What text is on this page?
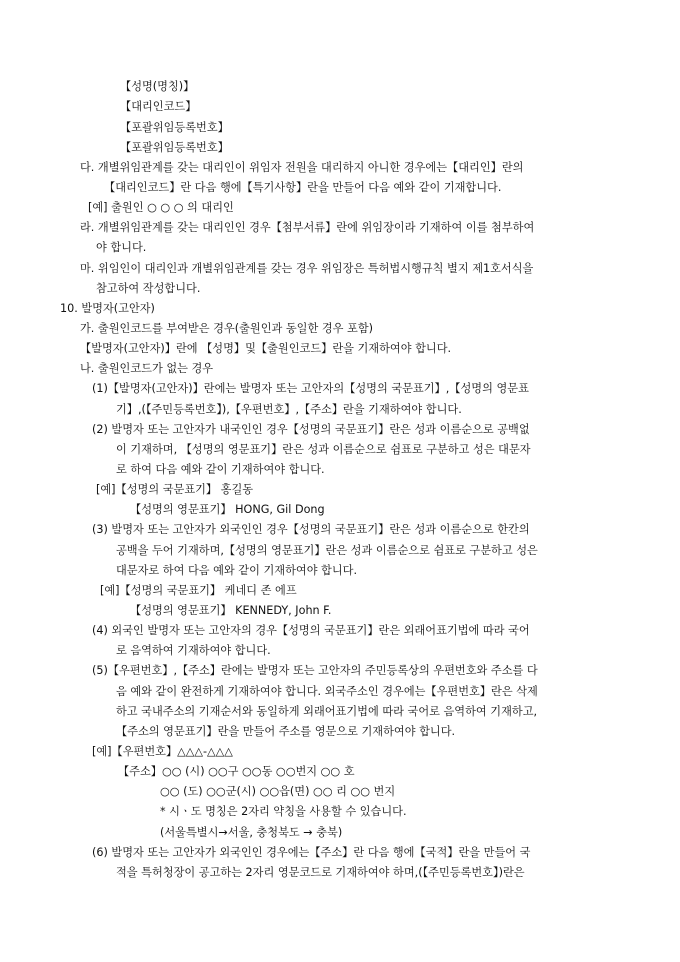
【성명(명칭)】
【대리인코드】
【포괄위임등록번호】
【포괄위임등록번호】
다. 개별위임관계를 갖는 대리인이 위임자 전원을 대리하지 아니한 경우에는【대리인】란의
【대리인코드】란 다음 행에【특기사항】란을 만들어 다음 예와 같이 기재합니다.
[예] 출원인 ○ ○ ○ 의 대리인
라. 개별위임관계를 갖는 대리인인 경우【첨부서류】란에 위임장이라 기재하여 이를 첨부하여
야 합니다.
마. 위임인이 대리인과 개별위임관계를 갖는 경우 위임장은 특허법시행규칙 별지 제1호서식을
참고하여 작성합니다.
10. 발명자(고안자)
가. 출원인코드를 부여받은 경우(출원인과 동일한 경우 포함)
【발명자(고안자)】란에 【성명】및【출원인코드】란을 기재하여야 합니다.
나. 출원인코드가 없는 경우
(1)【발명자(고안자)】란에는 발명자 또는 고안자의【성명의 국문표기】,【성명의 영문표
기】,(【주민등록번호】),【우편번호】,【주소】란을 기재하여야 합니다.
(2) 발명자 또는 고안자가 내국인인 경우【성명의 국문표기】란은 성과 이름순으로 공백없
이 기재하며, 【성명의 영문표기】란은 성과 이름순으로 쉼표로 구분하고 성은 대문자
로 하여 다음 예와 같이 기재하여야 합니다.
[예]【성명의 국문표기】 홍길동
【성명의 영문표기】 HONG, Gil Dong
(3) 발명자 또는 고안자가 외국인인 경우【성명의 국문표기】란은 성과 이름순으로 한칸의
공백을 두어 기재하며,【성명의 영문표기】란은 성과 이름순으로 쉼표로 구분하고 성은
대문자로 하여 다음 예와 같이 기재하여야 합니다.
[예]【성명의 국문표기】 케네디 존 에프
【성명의 영문표기】 KENNEDY, John F.
(4) 외국인 발명자 또는 고안자의 경우【성명의 국문표기】란은 외래어표기법에 따라 국어
로 음역하여 기재하여야 합니다.
(5)【우편번호】,【주소】란에는 발명자 또는 고안자의 주민등록상의 우편번호와 주소를 다
음 예와 같이 완전하게 기재하여야 합니다. 외국주소인 경우에는【우편번호】란은 삭제
하고 국내주소의 기재순서와 동일하게 외래어표기법에 따라 국어로 음역하여 기재하고,
【주소의 영문표기】란을 만들어 주소를 영문으로 기재하여야 합니다.
[예]【우편번호】△△△-△△△
【주소】○○ (시) ○○구 ○○동 ○○번지 ○○ 호
○○ (도) ○○군(시) ○○읍(면) ○○ 리 ○○ 번지
* 시ㆍ도 명칭은 2자리 약칭을 사용할 수 있습니다.
(서울특별시→서울, 충청북도 → 충북)
(6) 발명자 또는 고안자가 외국인인 경우에는【주소】란 다음 행에【국적】란을 만들어 국
적을 특허청장이 공고하는 2자리 영문코드로 기재하여야 하며,(【주민등록번호】)란은
